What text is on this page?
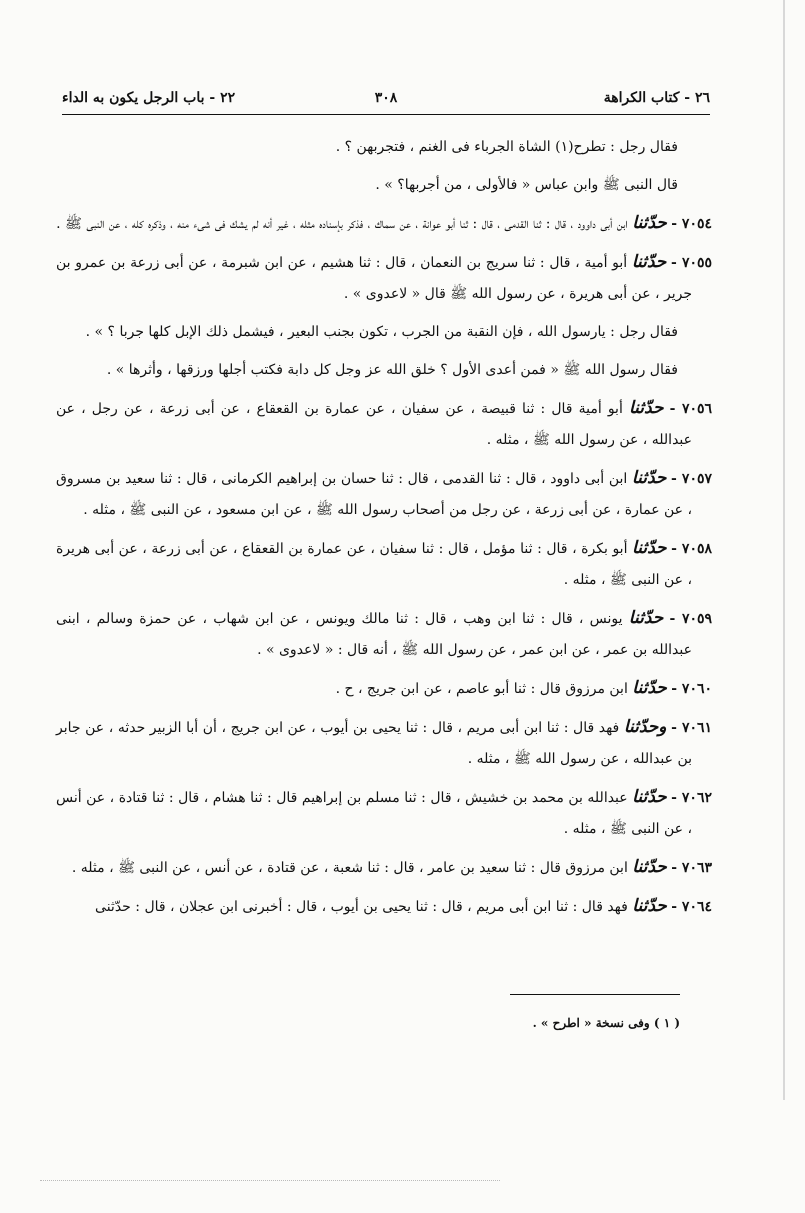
٢٦ - كتاب الكراهة
٣٠٨
٢٢ - باب الرجل يكون به الداء

فقال رجل : تطرح(١) الشاة الجرباء فى الغنم ، فتجربهن ؟ .

قال النبى ﷺ وابن عباس « فالأولى ، من أجربها؟ » .

٧٠٥٤ - حدّثنا ابن أبى داوود ، قال : ثنا القدمى ، قال : ثنا أبو عوانة ، عن سماك ، فذكر بإسناده مثله ، غير أنه لم يشك فى شىء منه ، وذكره كله ، عن النبى ﷺ .

٧٠٥٥ - حدّثنا أبو أمية ، قال : ثنا سريج بن النعمان ، قال : ثنا هشيم ، عن ابن شبرمة ، عن أبى زرعة بن عمرو بن جرير ، عن أبى هريرة ، عن رسول الله ﷺ قال « لاعدوى » .

فقال رجل : يارسول الله ، فإن النقبة من الجرب ، تكون بجنب البعير ، فيشمل ذلك الإبل كلها جربا ؟ » .

فقال رسول الله ﷺ « فمن أعدى الأول ؟ خلق الله عز وجل كل دابة فكتب أجلها ورزقها ، وأثرها » .

٧٠٥٦ - حدّثنا أبو أمية قال : ثنا قبيصة ، عن سفيان ، عن عمارة بن القعقاع ، عن أبى زرعة ، عن رجل ، عن عبدالله ، عن رسول الله ﷺ ، مثله .

٧٠٥٧ - حدّثنا ابن أبى داوود ، قال : ثنا القدمى ، قال : ثنا حسان بن إبراهيم الكرمانى ، قال : ثنا سعيد بن مسروق ، عن عمارة ، عن أبى زرعة ، عن رجل من أصحاب رسول الله ﷺ ، عن ابن مسعود ، عن النبى ﷺ ، مثله .

٧٠٥٨ - حدّثنا أبو بكرة ، قال : ثنا مؤمل ، قال : ثنا سفيان ، عن عمارة بن القعقاع ، عن أبى زرعة ، عن أبى هريرة ، عن النبى ﷺ ، مثله .

٧٠٥٩ - حدّثنا يونس ، قال : ثنا ابن وهب ، قال : ثنا مالك ويونس ، عن ابن شهاب ، عن حمزة وسالم ، ابنى عبدالله بن عمر ، عن ابن عمر ، عن رسول الله ﷺ ، أنه قال : « لاعدوى » .

٧٠٦٠ - حدّثنا ابن مرزوق قال : ثنا أبو عاصم ، عن ابن جريج ، ح .

٧٠٦١ - وحدّثنا فهد قال : ثنا ابن أبى مريم ، قال : ثنا يحيى بن أيوب ، عن ابن جريج ، أن أبا الزبير حدثه ، عن جابر بن عبدالله ، عن رسول الله ﷺ ، مثله .

٧٠٦٢ - حدّثنا عبدالله بن محمد بن خشيش ، قال : ثنا مسلم بن إبراهيم قال : ثنا هشام ، قال : ثنا قتادة ، عن أنس ، عن النبى ﷺ ، مثله .

٧٠٦٣ - حدّثنا ابن مرزوق قال : ثنا سعيد بن عامر ، قال : ثنا شعبة ، عن قتادة ، عن أنس ، عن النبى ﷺ ، مثله .

٧٠٦٤ - حدّثنا فهد قال : ثنا ابن أبى مريم ، قال : ثنا يحيى بن أيوب ، قال : أخبرنى ابن عجلان ، قال : حدّثنى

( ١ ) وفى نسخة « اطرح » .
